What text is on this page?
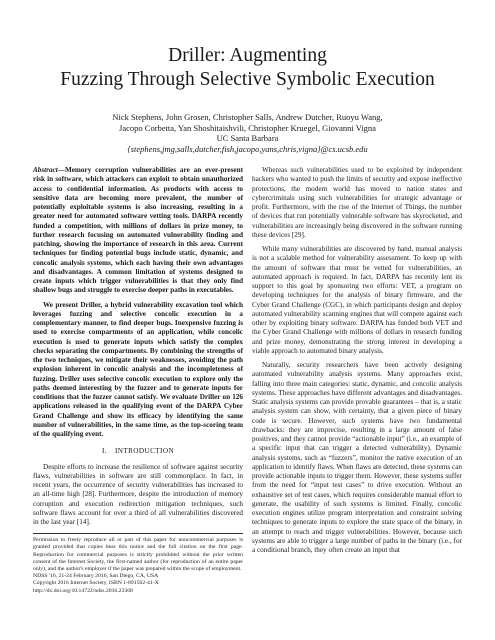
Driller: Augmenting
Fuzzing Through Selective Symbolic Execution
Nick Stephens, John Grosen, Christopher Salls, Andrew Dutcher, Ruoyu Wang,
Jacopo Corbetta, Yan Shoshitaishvili, Christopher Kruegel, Giovanni Vigna
UC Santa Barbara
{stephens,jmg,salls,dutcher,fish,jacopo,yans,chris,vigna}@cs.ucsb.edu

Abstract—Memory corruption vulnerabilities are an ever-present risk in software, which attackers can exploit to obtain unauthorized access to confidential information. As products with access to sensitive data are becoming more prevalent, the number of potentially exploitable systems is also increasing, resulting in a greater need for automated software vetting tools. DARPA recently funded a competition, with millions of dollars in prize money, to further research focusing on automated vulnerability finding and patching, showing the importance of research in this area. Current techniques for finding potential bugs include static, dynamic, and concolic analysis systems, which each having their own advantages and disadvantages. A common limitation of systems designed to create inputs which trigger vulnerabilities is that they only find shallow bugs and struggle to exercise deeper paths in executables.

We present Driller, a hybrid vulnerability excavation tool which leverages fuzzing and selective concolic execution in a complementary manner, to find deeper bugs. Inexpensive fuzzing is used to exercise compartments of an application, while concolic execution is used to generate inputs which satisfy the complex checks separating the compartments. By combining the strengths of the two techniques, we mitigate their weaknesses, avoiding the path explosion inherent in concolic analysis and the incompleteness of fuzzing. Driller uses selective concolic execution to explore only the paths deemed interesting by the fuzzer and to generate inputs for conditions that the fuzzer cannot satisfy. We evaluate Driller on 126 applications released in the qualifying event of the DARPA Cyber Grand Challenge and show its efficacy by identifying the same number of vulnerabilities, in the same time, as the top-scoring team of the qualifying event.

I. INTRODUCTION

Despite efforts to increase the resilience of software against security flaws, vulnerabilities in software are still commonplace. In fact, in recent years, the occurrence of security vulnerabilities has increased to an all-time high [28]. Furthermore, despite the introduction of memory corruption and execution redirection mitigation techniques, such software flaws account for over a third of all vulnerabilities discovered in the last year [14].

Permission to freely reproduce all or part of this paper for noncommercial purposes is granted provided that copies bear this notice and the full citation on the first page. Reproduction for commercial purposes is strictly prohibited without the prior written consent of the Internet Society, the first-named author (for reproduction of an entire paper only), and the author's employer if the paper was prepared within the scope of employment.
NDSS '16, 21-24 February 2016, San Diego, CA, USA
Copyright 2016 Internet Society, ISBN 1-891562-41-X
http://dx.doi.org/10.14722/ndss.2016.23368

Whereas such vulnerabilities used to be exploited by independent hackers who wanted to push the limits of security and expose ineffective protections, the modern world has moved to nation states and cybercriminals using such vulnerabilities for strategic advantage or profit. Furthermore, with the rise of the Internet of Things, the number of devices that run potentially vulnerable software has skyrocketed, and vulnerabilities are increasingly being discovered in the software running these devices [29].

While many vulnerabilities are discovered by hand, manual analysis is not a scalable method for vulnerability assessment. To keep up with the amount of software that must be vetted for vulnerabilities, an automated approach is required. In fact, DARPA has recently lent its support to this goal by sponsoring two efforts: VET, a program on developing techniques for the analysis of binary firmware, and the Cyber Grand Challenge (CGC), in which participants design and deploy automated vulnerability scanning engines that will compete against each other by exploiting binary software. DARPA has funded both VET and the Cyber Grand Challenge with millions of dollars in research funding and prize money, demonstrating the strong interest in developing a viable approach to automated binary analysis.

Naturally, security researchers have been actively designing automated vulnerability analysis systems. Many approaches exist, falling into three main categories: static, dynamic, and concolic analysis systems. These approaches have different advantages and disadvantages. Static analysis systems can provide provable guarantees – that is, a static analysis system can show, with certainty, that a given piece of binary code is secure. However, such systems have two fundamental drawbacks: they are imprecise, resulting in a large amount of false positives, and they cannot provide “actionable input” (i.e., an example of a specific input that can trigger a detected vulnerability). Dynamic analysis systems, such as “fuzzers”, monitor the native execution of an application to identify flaws. When flaws are detected, these systems can provide actionable inputs to trigger them. However, these systems suffer from the need for “input test cases” to drive execution. Without an exhaustive set of test cases, which requires considerable manual effort to generate, the usability of such systems is limited. Finally, concolic execution engines utilize program interpretation and constraint solving techniques to generate inputs to explore the state space of the binary, in an attempt to reach and trigger vulnerabilities. However, because such systems are able to trigger a large number of paths in the binary (i.e., for a conditional branch, they often create an input that
